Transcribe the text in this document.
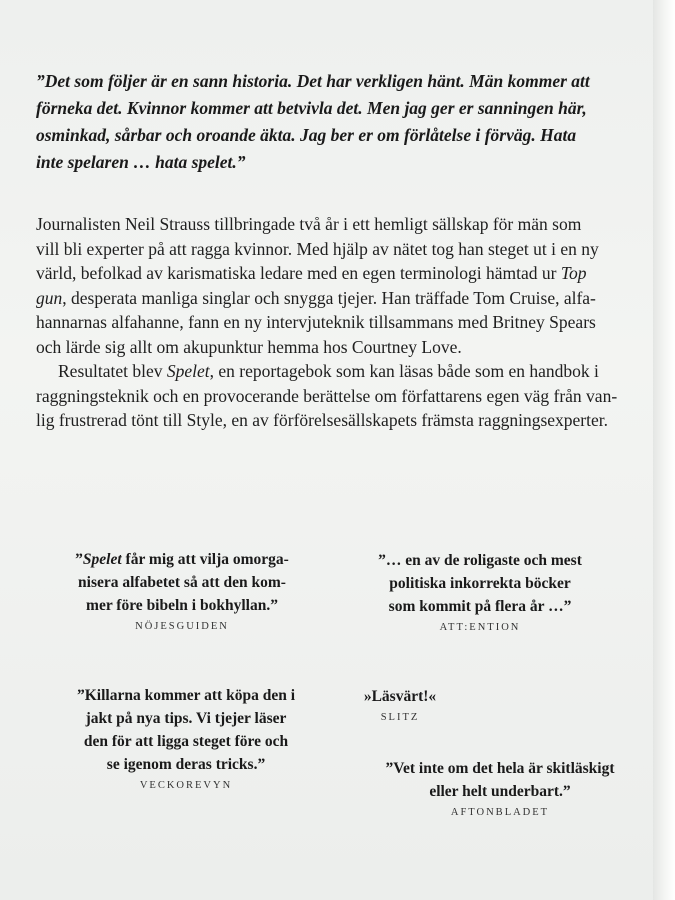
”Det som följer är en sann historia. Det har verkligen hänt. Män kommer att
förneka det. Kvinnor kommer att betvivla det. Men jag ger er sanningen här,
osminkad, sårbar och oroande äkta. Jag ber er om förlåtelse i förväg. Hata
inte spelaren … hata spelet.”

Journalisten Neil Strauss tillbringade två år i ett hemligt sällskap för män som
vill bli experter på att ragga kvinnor. Med hjälp av nätet tog han steget ut i en ny
värld, befolkad av karismatiska ledare med en egen terminologi hämtad ur Top
gun, desperata manliga singlar och snygga tjejer. Han träffade Tom Cruise, alfa-
hannarnas alfahanne, fann en ny intervjuteknik tillsammans med Britney Spears
och lärde sig allt om akupunktur hemma hos Courtney Love.

Resultatet blev Spelet, en reportagebok som kan läsas både som en handbok i
raggningsteknik och en provocerande berättelse om författarens egen väg från van-
lig frustrerad tönt till Style, en av förförelsesällskapets främsta raggningsexperter.

”Spelet får mig att vilja omorga-
nisera alfabetet så att den kom-
mer före bibeln i bokhyllan.”
NÖJESGUIDEN
”… en av de roligaste och mest
politiska inkorrekta böcker
som kommit på flera år …”
ATT:ENTION
”Killarna kommer att köpa den i
jakt på nya tips. Vi tjejer läser
den för att ligga steget före och
se igenom deras tricks.”
VECKOREVYN
»Läsvärt!«
SLITZ
”Vet inte om det hela är skitläskigt
eller helt underbart.”
AFTONBLADET
